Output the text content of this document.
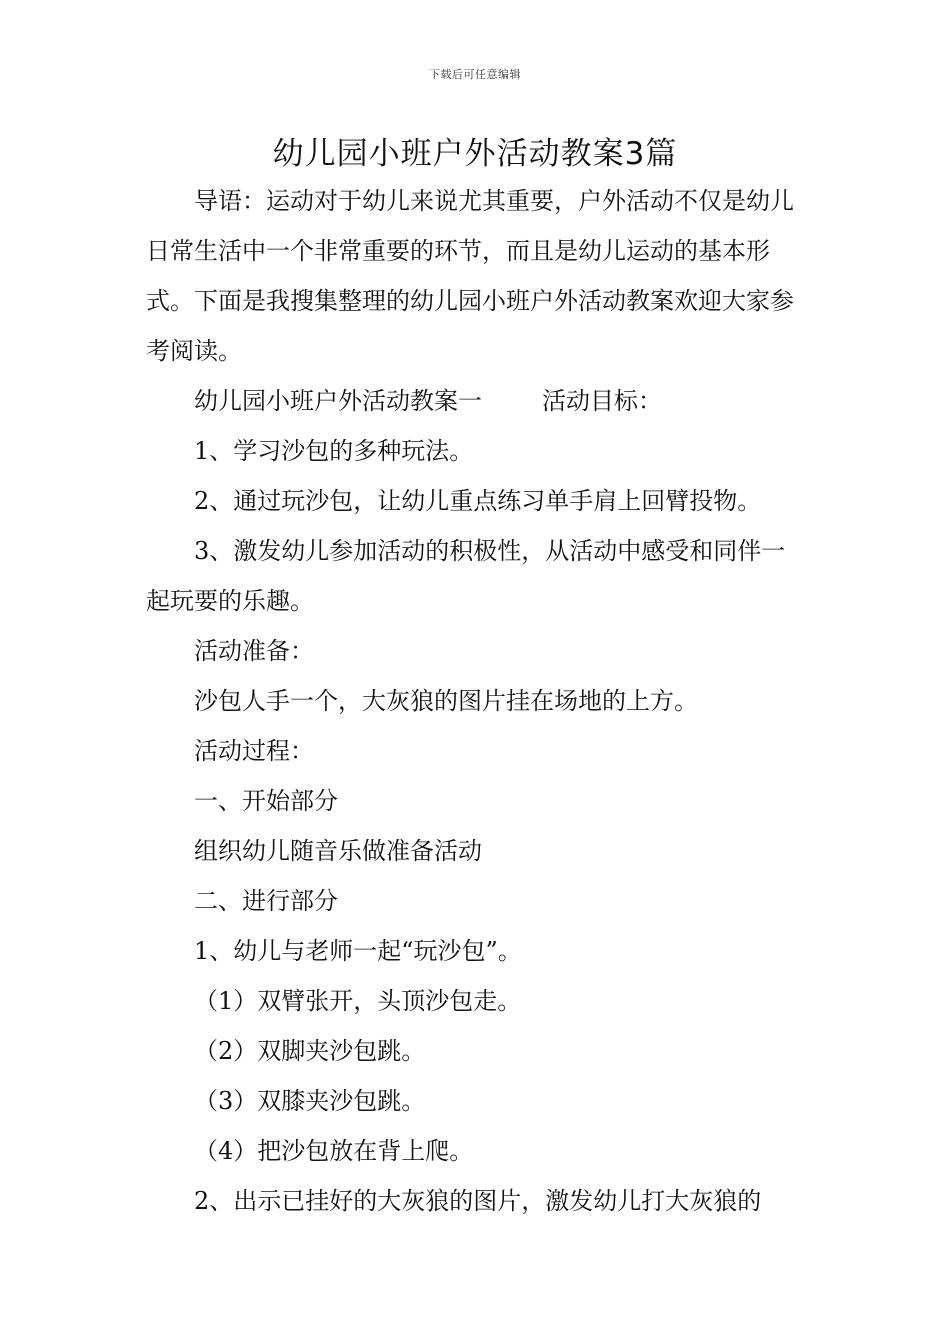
下载后可任意编辑
幼儿园小班户外活动教案3篇

导语：运动对于幼儿来说尤其重要，户外活动不仅是幼儿日常生活中一个非常重要的环节，而且是幼儿运动的基本形式。下面是我搜集整理的幼儿园小班户外活动教案欢迎大家参考阅读。

幼儿园小班户外活动教案一	活动目标：

1、学习沙包的多种玩法。

2、通过玩沙包，让幼儿重点练习单手肩上回臂投物。

3、激发幼儿参加活动的积极性，从活动中感受和同伴一起玩要的乐趣。

活动准备：

沙包人手一个，大灰狼的图片挂在场地的上方。

活动过程：

一、开始部分

组织幼儿随音乐做准备活动

二、进行部分

1、幼儿与老师一起“玩沙包”。

（1）双臂张开，头顶沙包走。

（2）双脚夹沙包跳。

（3）双膝夹沙包跳。

（4）把沙包放在背上爬。

2、出示已挂好的大灰狼的图片，激发幼儿打大灰狼的
